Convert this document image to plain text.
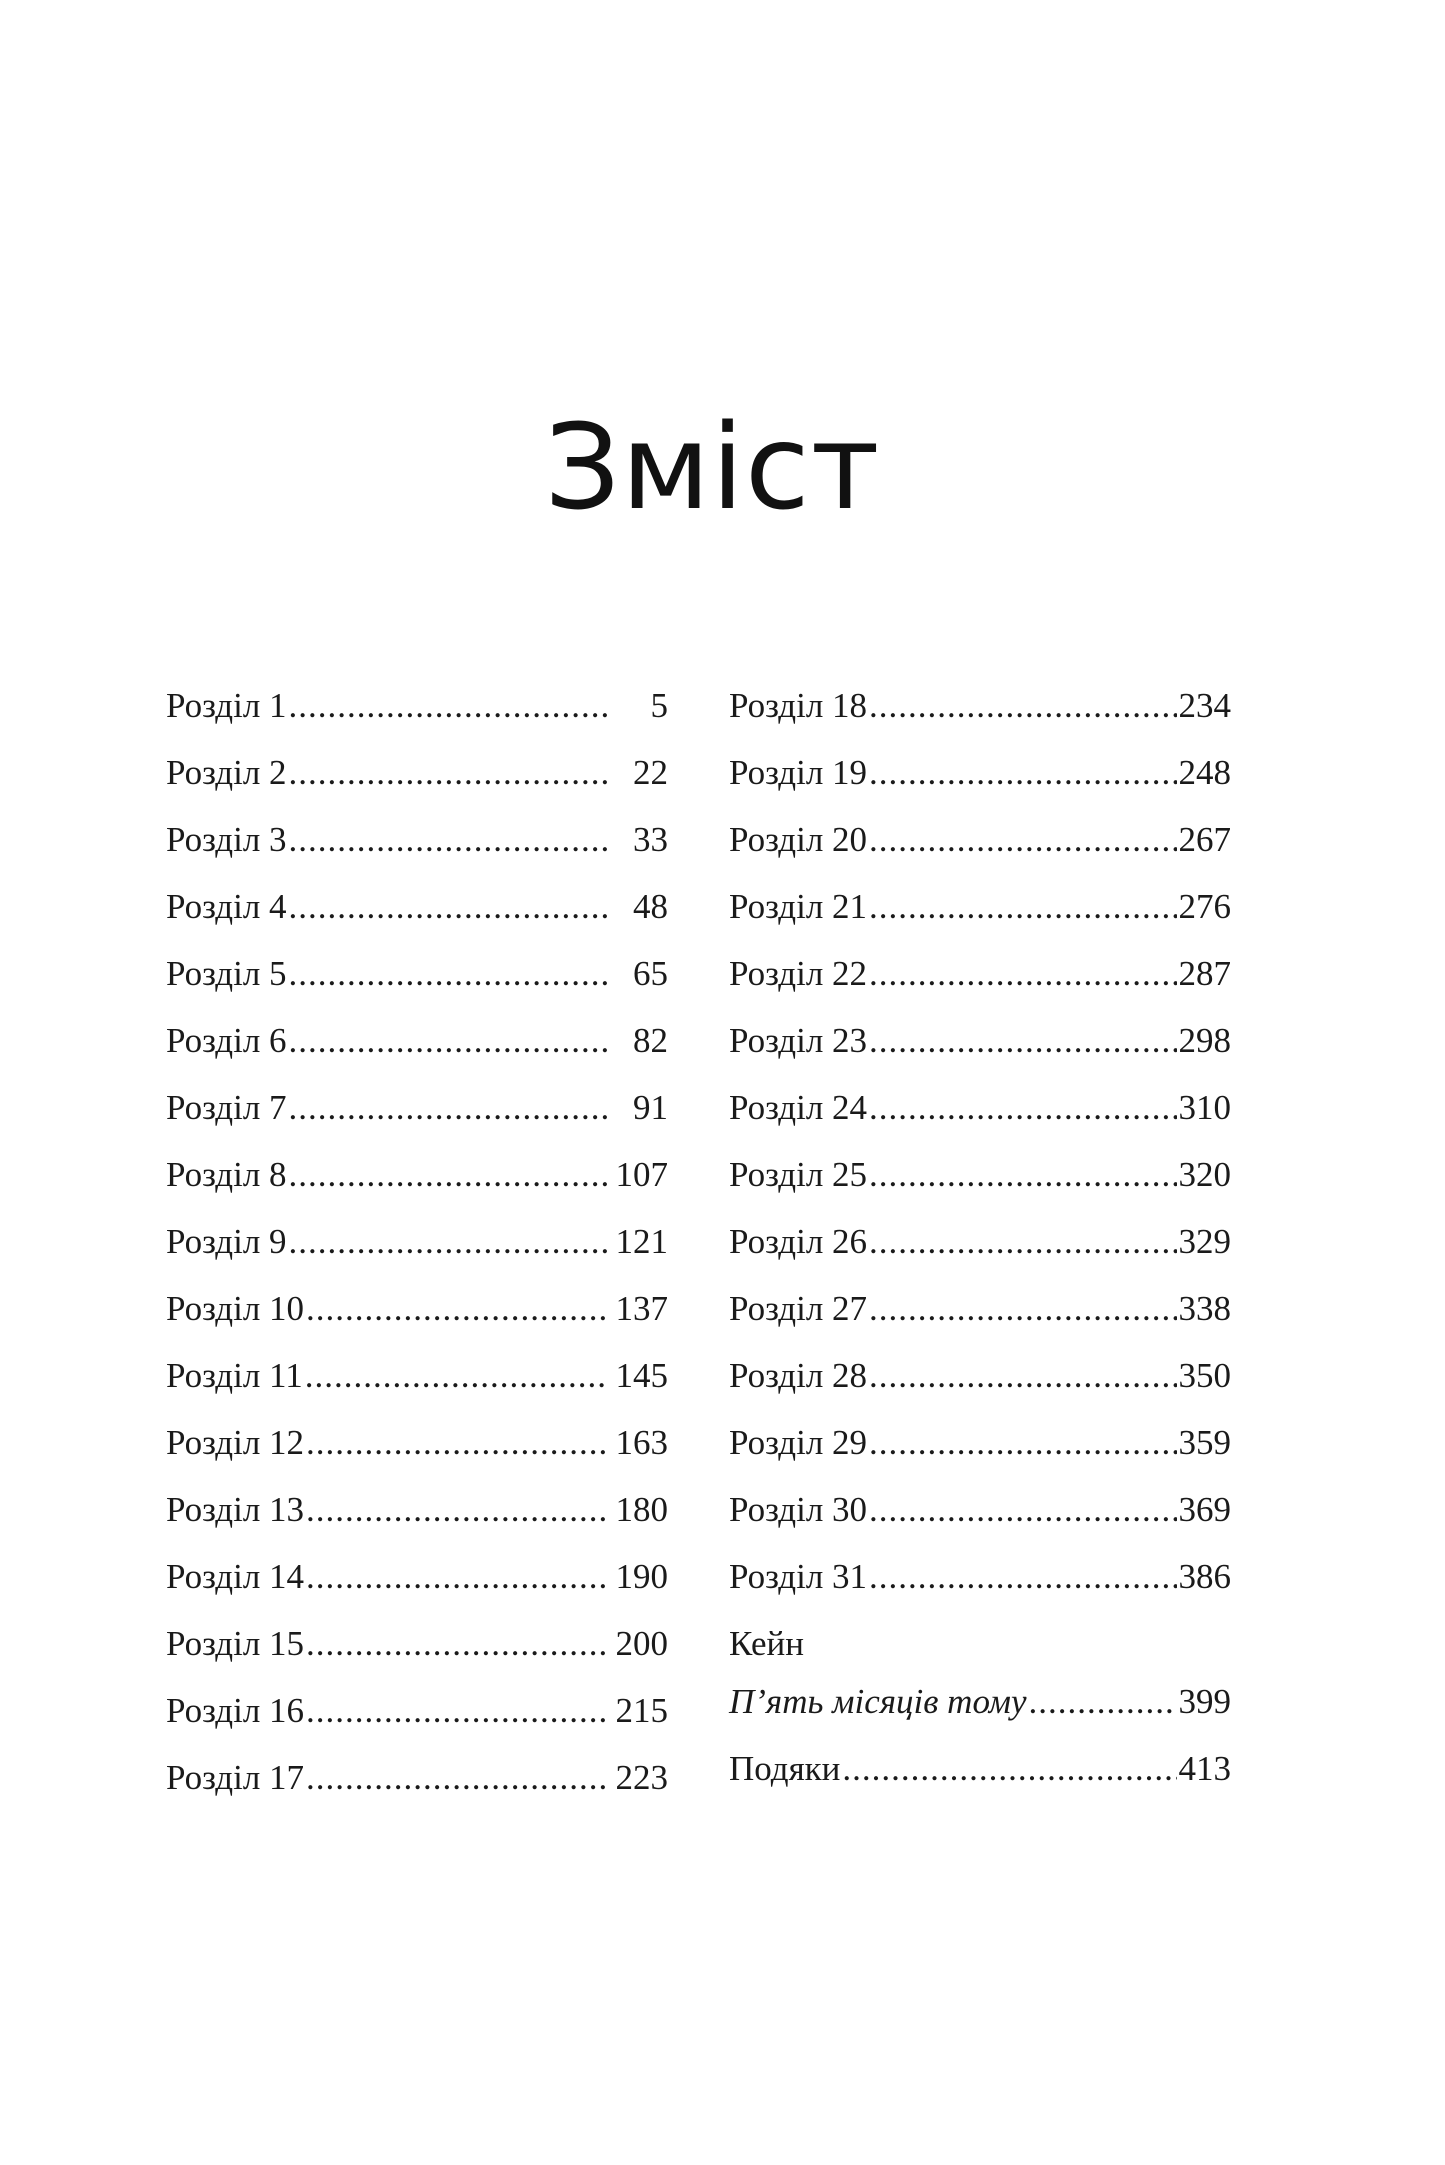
Зміст
Розділ 1 .....	5
Розділ 2 .....	22
Розділ 3 .....	33
Розділ 4 .....	48
Розділ 5 .....	65
Розділ 6 .....	82
Розділ 7 .....	91
Розділ 8 .....	107
Розділ 9 .....	121
Розділ 10 .....	137
Розділ 11 .....	145
Розділ 12 .....	163
Розділ 13 .....	180
Розділ 14 .....	190
Розділ 15 .....	200
Розділ 16 .....	215
Розділ 17 .....	223
Розділ 18 .....	234
Розділ 19 .....	248
Розділ 20 .....	267
Розділ 21 .....	276
Розділ 22 .....	287
Розділ 23 .....	298
Розділ 24 .....	310
Розділ 25 .....	320
Розділ 26 .....	329
Розділ 27 .....	338
Розділ 28 .....	350
Розділ 29 .....	359
Розділ 30 .....	369
Розділ 31 .....	386
Кейн
П’ять місяців тому .....	399
Подяки .....	413
